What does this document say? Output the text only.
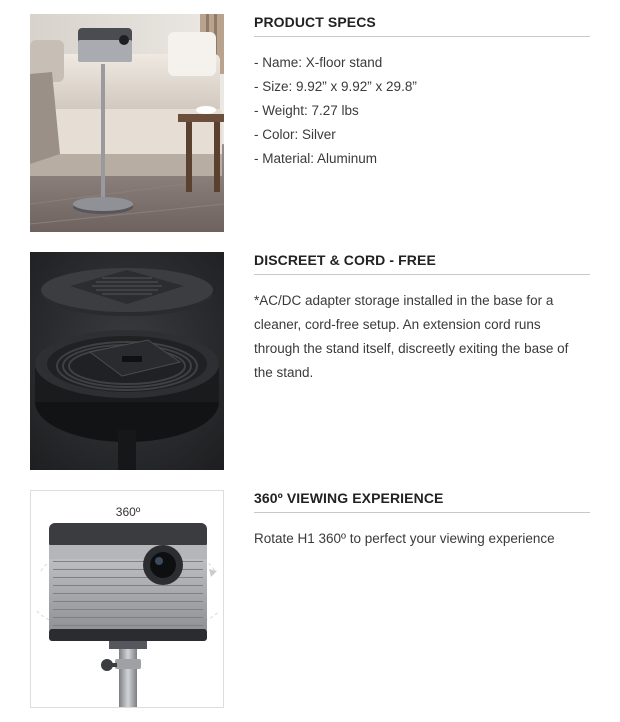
PRODUCT SPECS
- Name: X-floor stand
- Size: 9.92” x 9.92” x 29.8”
- Weight: 7.27 lbs
- Color: Silver
- Material: Aluminum
DISCREET & CORD - FREE

*AC/DC adapter storage installed in the base for a cleaner, cord-free setup. An extension cord runs through the stand itself, discreetly exiting the base of the stand.

360º
360º VIEWING EXPERIENCE

Rotate H1 360º to perfect your viewing experience
